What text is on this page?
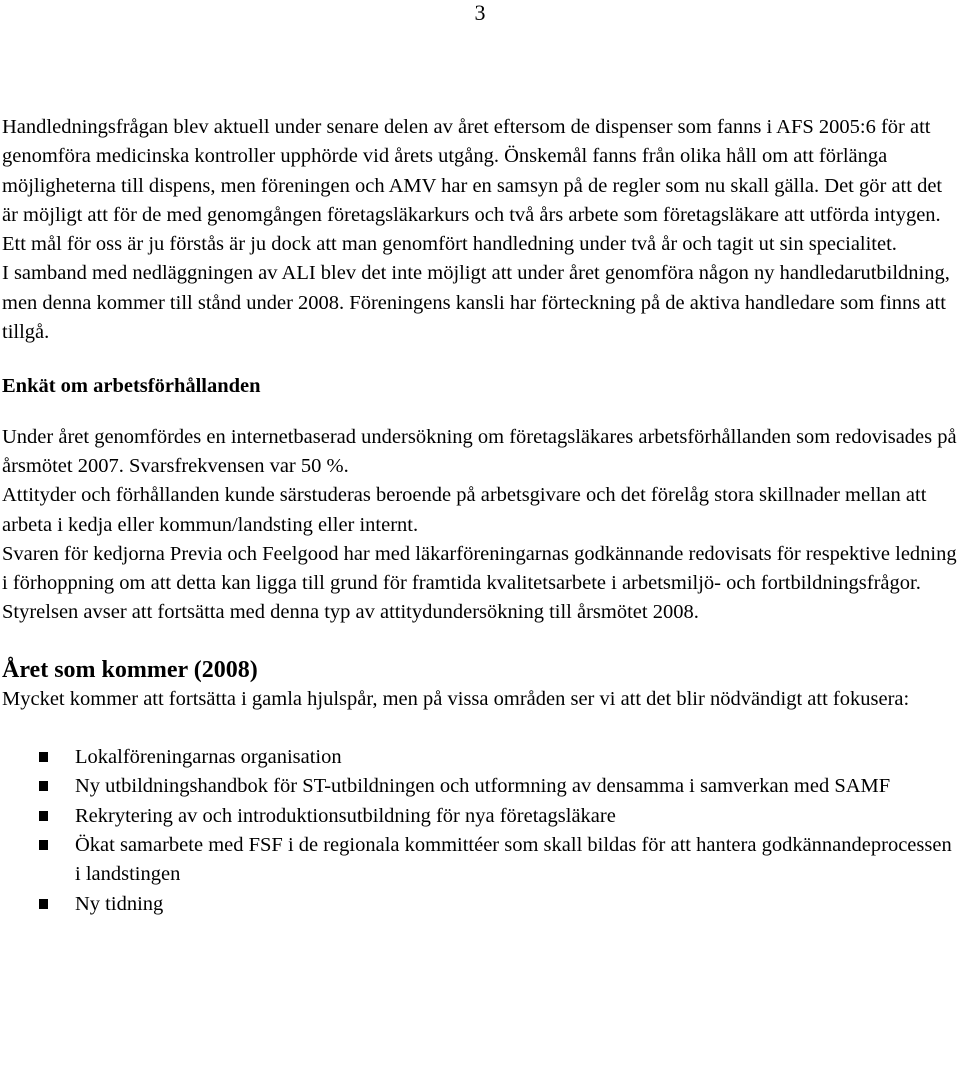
3

Handledningsfrågan blev aktuell under senare delen av året eftersom de dispenser som fanns i AFS 2005:6 för att genomföra medicinska kontroller upphörde vid årets utgång. Önskemål fanns från olika håll om att förlänga möjligheterna till dispens, men föreningen och AMV har en samsyn på de regler som nu skall gälla. Det gör att det är möjligt att för de med genomgången företagsläkarkurs och två års arbete som företagsläkare att utförda intygen. Ett mål för oss är ju förstås är ju dock att man genomfört handledning under två år och tagit ut sin specialitet.

I samband med nedläggningen av ALI blev det inte möjligt att under året genomföra någon ny handledarutbildning, men denna kommer till stånd under 2008. Föreningens kansli har förteckning på de aktiva handledare som finns att tillgå.

Enkät om arbetsförhållanden

Under året genomfördes en internetbaserad undersökning om företagsläkares arbetsförhållanden som redovisades på årsmötet 2007. Svarsfrekvensen var 50 %.

Attityder och förhållanden kunde särstuderas beroende på arbetsgivare och det förelåg stora skillnader mellan att arbeta i kedja eller kommun/landsting eller internt.

Svaren för kedjorna Previa och Feelgood har med läkarföreningarnas godkännande redovisats för respektive ledning i förhoppning om att detta kan ligga till grund för framtida kvalitetsarbete i arbetsmiljö- och fortbildningsfrågor.

Styrelsen avser att fortsätta med denna typ av attitydundersökning till årsmötet 2008.

Året som kommer (2008)

Mycket kommer att fortsätta i gamla hjulspår, men på vissa områden ser vi att det blir nödvändigt att fokusera:

Lokalföreningarnas organisation
Ny utbildningshandbok för ST-utbildningen och utformning av densamma i samverkan med SAMF
Rekrytering av och introduktionsutbildning för nya företagsläkare
Ökat samarbete med FSF i de regionala kommittéer som skall bildas för att hantera godkännandeprocessen i landstingen
Ny tidning
